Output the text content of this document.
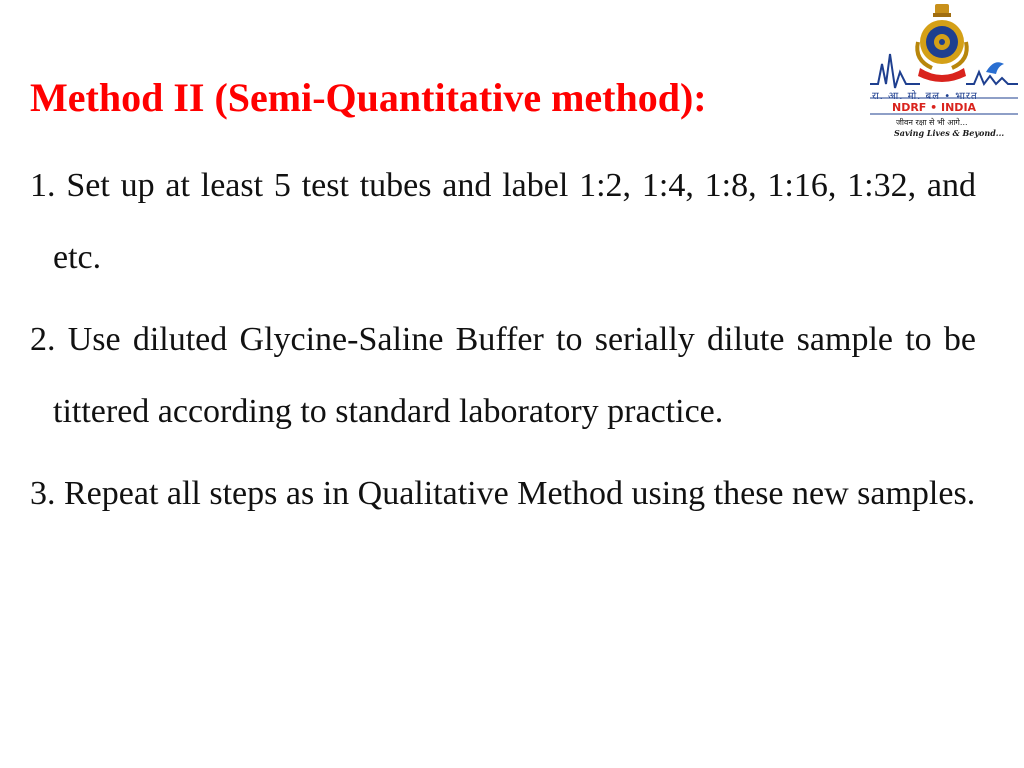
Method II (Semi-Quantitative method):	रा. आ. मो. बल • भारत
NDRF • INDIA
जीवन रक्षा से भी आगे...
Saving Lives & Beyond...
1. Set up at least 5 test tubes and label 1:2, 1:4, 1:8, 1:16, 1:32, and etc.
2. Use diluted Glycine-Saline Buffer to serially dilute sample to be tittered according to standard laboratory practice.
3. Repeat all steps as in Qualitative Method using these new samples.
